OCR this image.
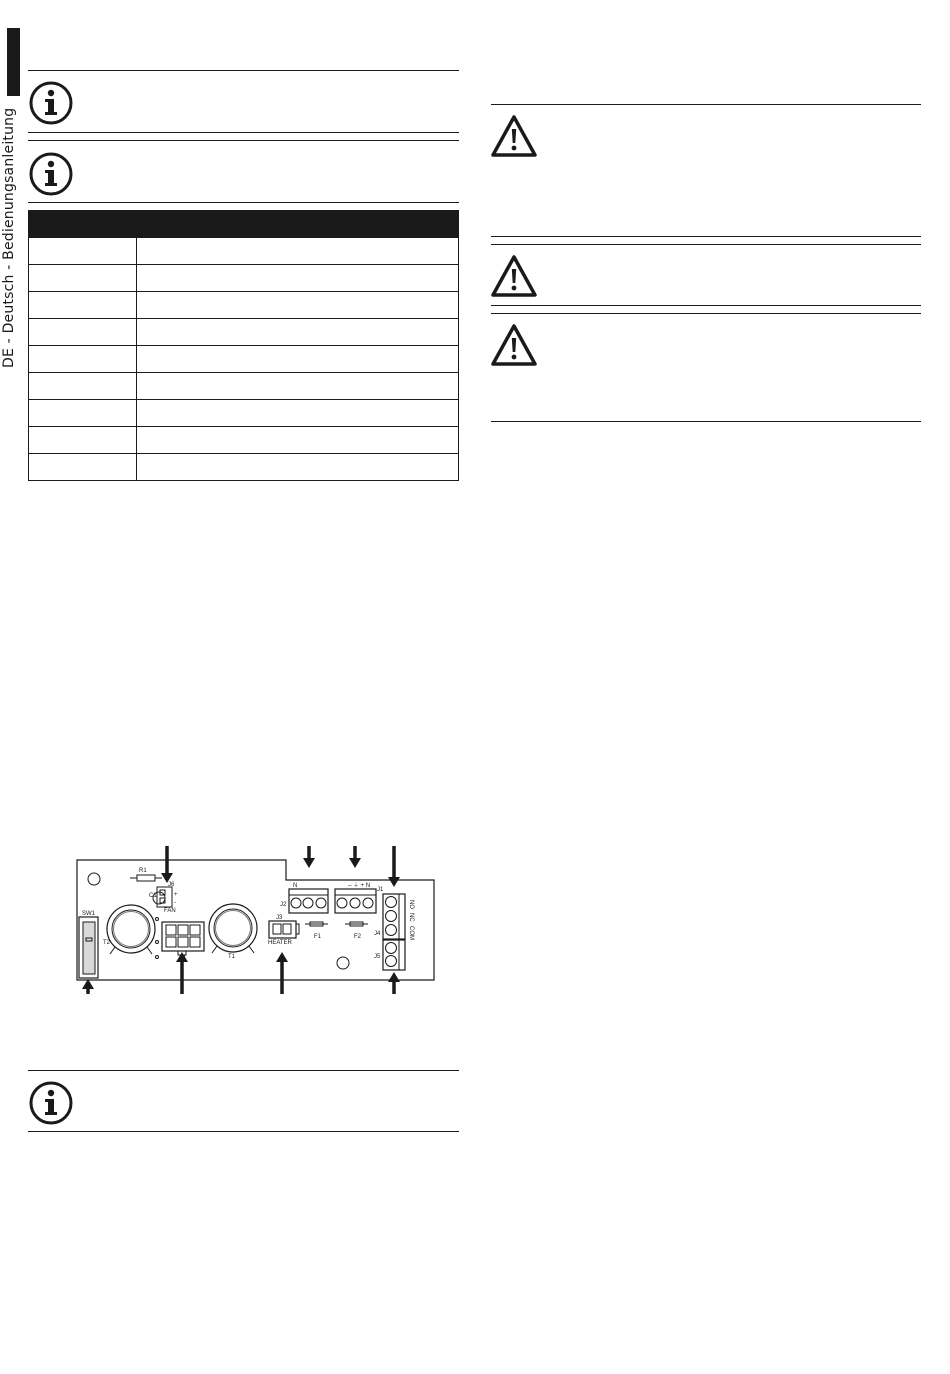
DE - Deutsch - Bedienungsanleitung

R1
C1
J6
+
-
FAN
SW1
T2
J7	T1
J3
HEATER
J2
N
F1	F2
J1
J4
J5
– ⏚ + N
NO
NC
COM
